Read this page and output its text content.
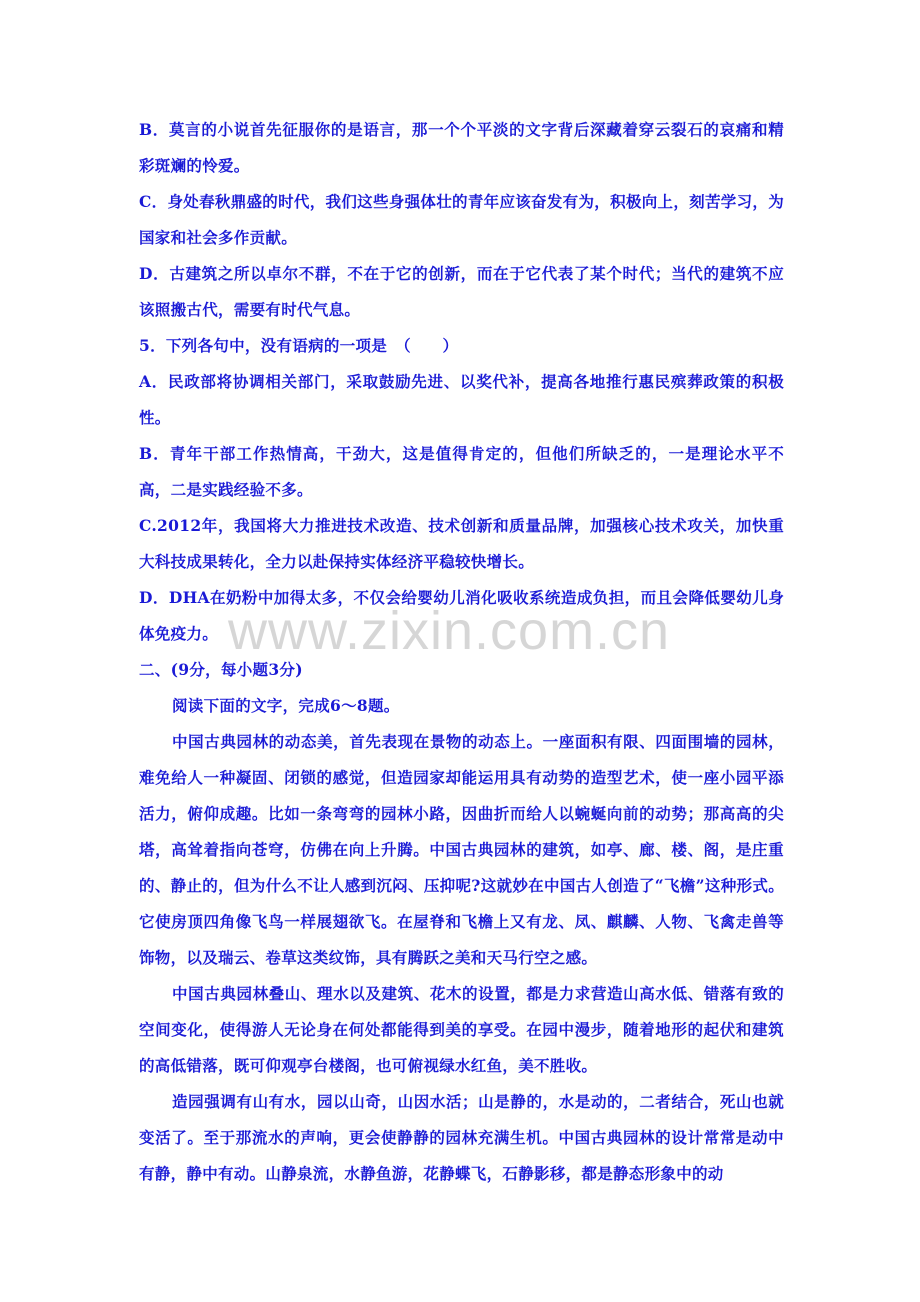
B．莫言的小说首先征服你的是语言，那一个个平淡的文字背后深藏着穿云裂石的哀痛和精彩斑斓的怜爱。

C．身处春秋鼎盛的时代，我们这些身强体壮的青年应该奋发有为，积极向上，刻苦学习，为国家和社会多作贡献。

D．古建筑之所以卓尔不群，不在于它的创新，而在于它代表了某个时代；当代的建筑不应该照搬古代，需要有时代气息。

5．下列各句中，没有语病的一项是　（　　）

A．民政部将协调相关部门，采取鼓励先进、以奖代补，提高各地推行惠民殡葬政策的积极性。

B．青年干部工作热情高，干劲大，这是值得肯定的，但他们所缺乏的，一是理论水平不高，二是实践经验不多。

C.2012年，我国将大力推进技术改造、技术创新和质量品牌，加强核心技术攻关，加快重大科技成果转化，全力以赴保持实体经济平稳较快增长。

D．DHA在奶粉中加得太多，不仅会给婴幼儿消化吸收系统造成负担，而且会降低婴幼儿身体免疫力。

二、(9分，每小题3分)

阅读下面的文字，完成6～8题。

中国古典园林的动态美，首先表现在景物的动态上。一座面积有限、四面围墙的园林，难免给人一种凝固、闭锁的感觉，但造园家却能运用具有动势的造型艺术，使一座小园平添活力，俯仰成趣。比如一条弯弯的园林小路，因曲折而给人以蜿蜒向前的动势；那高高的尖塔，高耸着指向苍穹，仿佛在向上升腾。中国古典园林的建筑，如亭、廊、楼、阁，是庄重的、静止的，但为什么不让人感到沉闷、压抑呢?这就妙在中国古人创造了“飞檐”这种形式。它使房顶四角像飞鸟一样展翅欲飞。在屋脊和飞檐上又有龙、凤、麒麟、人物、飞禽走兽等饰物，以及瑞云、卷草这类纹饰，具有腾跃之美和天马行空之感。

中国古典园林叠山、理水以及建筑、花木的设置，都是力求营造山高水低、错落有致的空间变化，使得游人无论身在何处都能得到美的享受。在园中漫步，随着地形的起伏和建筑的高低错落，既可仰观亭台楼阁，也可俯视绿水红鱼，美不胜收。

造园强调有山有水，园以山奇，山因水活；山是静的，水是动的，二者结合，死山也就变活了。至于那流水的声响，更会使静静的园林充满生机。中国古典园林的设计常常是动中有静，静中有动。山静泉流，水静鱼游，花静蝶飞，石静影移，都是静态形象中的动

www.zixin.com.cn
